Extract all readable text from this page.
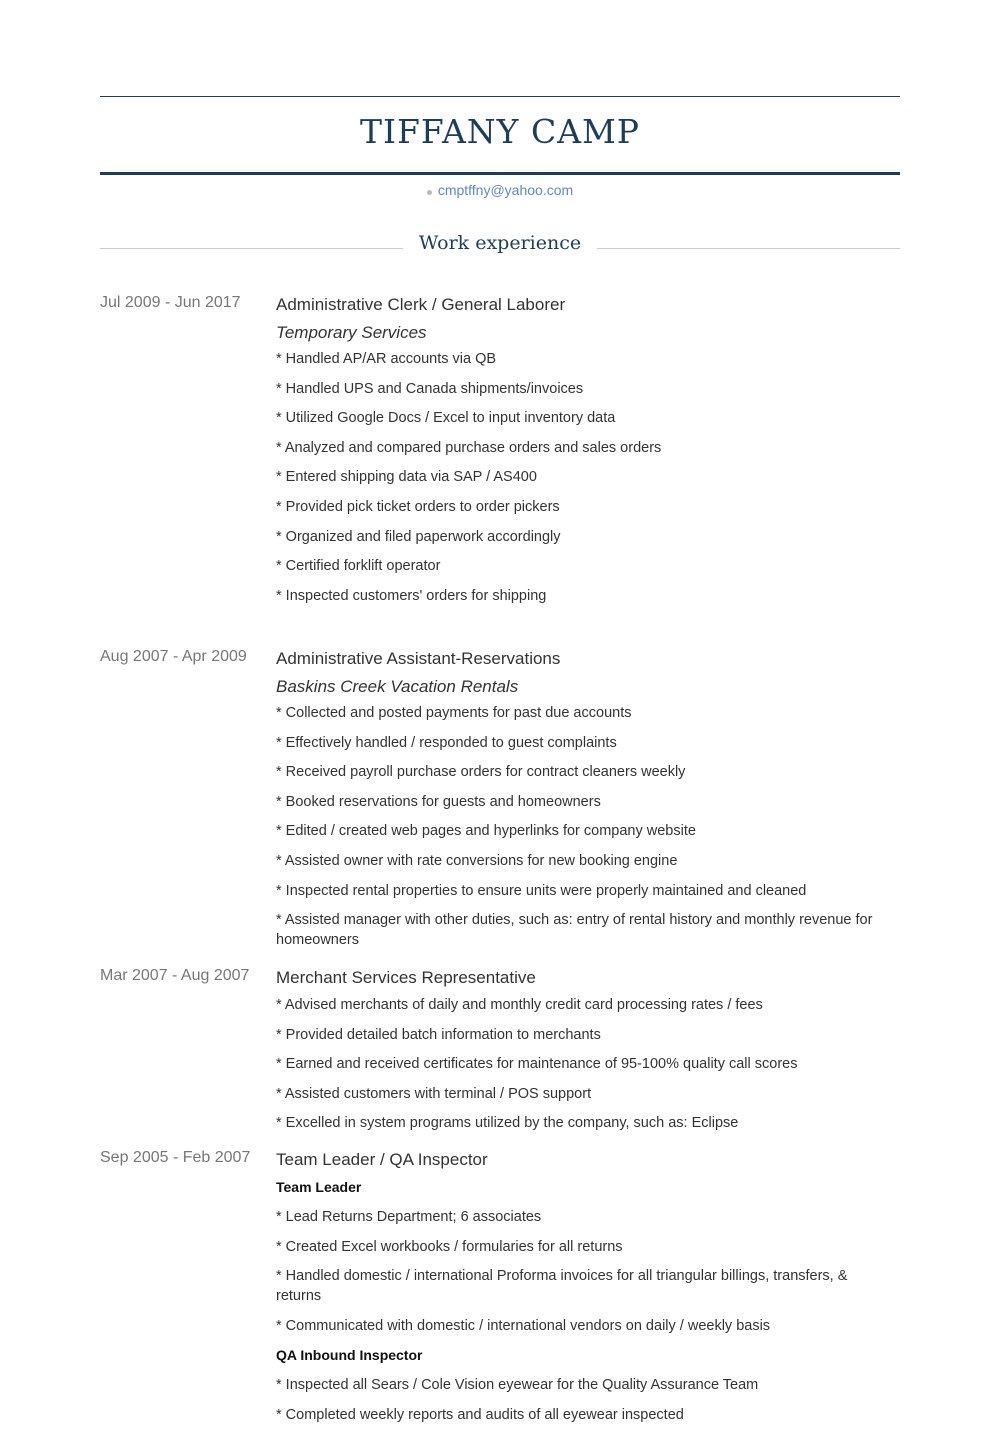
TIFFANY CAMP
cmptffny@yahoo.com
Work experience
Jul 2009 - Jun 2017	Administrative Clerk / General Laborer
Temporary Services
* Handled AP/AR accounts via QB
* Handled UPS and Canada shipments/invoices
* Utilized Google Docs / Excel to input inventory data
* Analyzed and compared purchase orders and sales orders
* Entered shipping data via SAP / AS400
* Provided pick ticket orders to order pickers
* Organized and filed paperwork accordingly
* Certified forklift operator
* Inspected customers' orders for shipping
Aug 2007 - Apr 2009	Administrative Assistant-Reservations
Baskins Creek Vacation Rentals
* Collected and posted payments for past due accounts
* Effectively handled / responded to guest complaints
* Received payroll purchase orders for contract cleaners weekly
* Booked reservations for guests and homeowners
* Edited / created web pages and hyperlinks for company website
* Assisted owner with rate conversions for new booking engine
* Inspected rental properties to ensure units were properly maintained and cleaned
* Assisted manager with other duties, such as: entry of rental history and monthly revenue for homeowners
Mar 2007 - Aug 2007	Merchant Services Representative
* Advised merchants of daily and monthly credit card processing rates / fees
* Provided detailed batch information to merchants
* Earned and received certificates for maintenance of 95-100% quality call scores
* Assisted customers with terminal / POS support
* Excelled in system programs utilized by the company, such as: Eclipse
Sep 2005 - Feb 2007	Team Leader / QA Inspector
Team Leader
* Lead Returns Department; 6 associates
* Created Excel workbooks / formularies for all returns
* Handled domestic / international Proforma invoices for all triangular billings, transfers, & returns
* Communicated with domestic / international vendors on daily / weekly basis
QA Inbound Inspector
* Inspected all Sears / Cole Vision eyewear for the Quality Assurance Team
* Completed weekly reports and audits of all eyewear inspected
